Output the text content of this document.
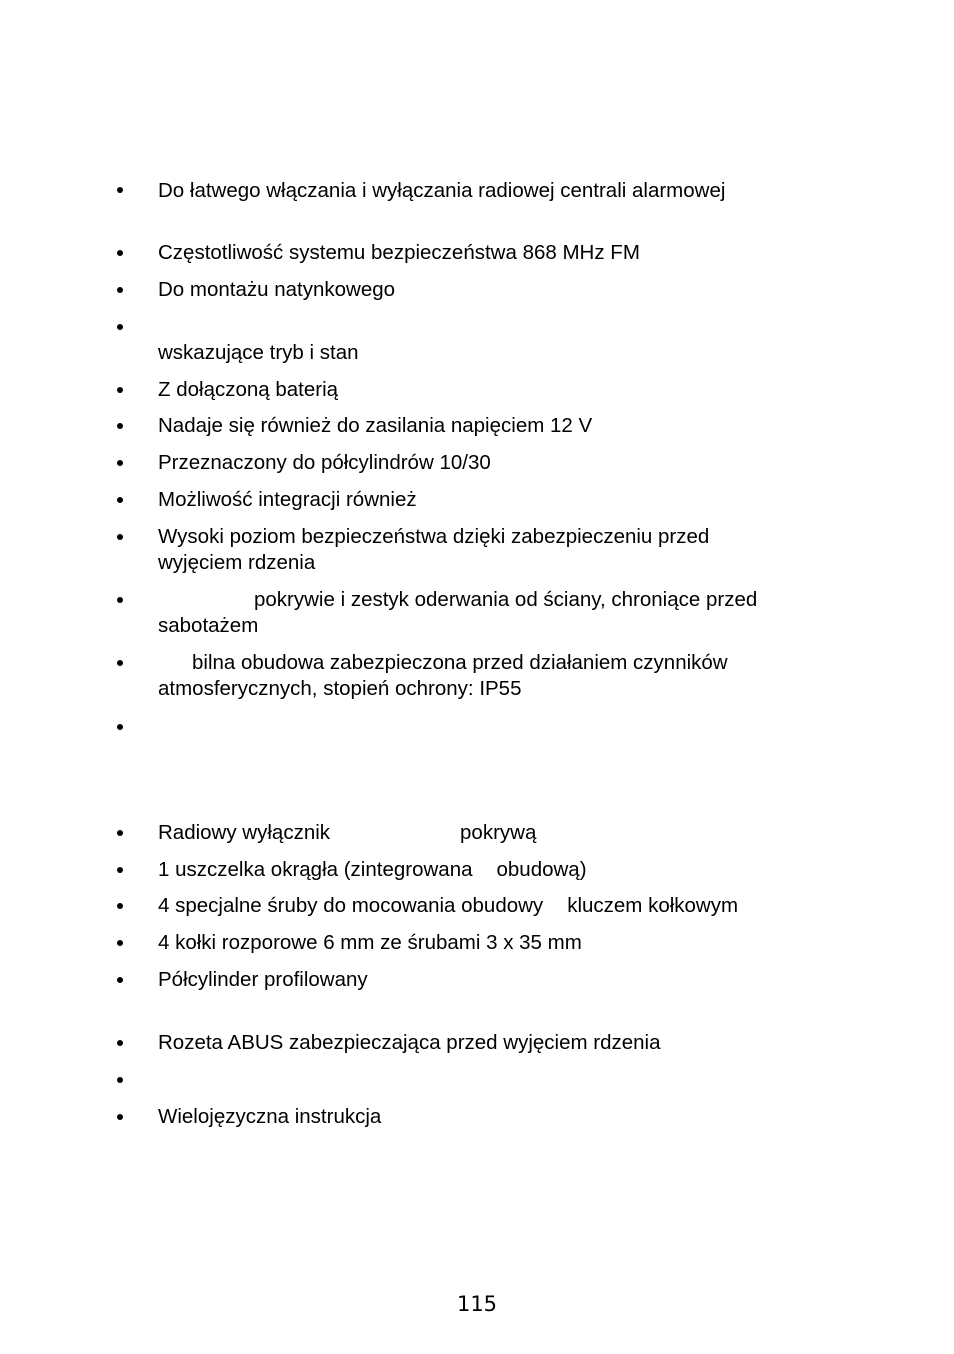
Do łatwego włączania i wyłączania radiowej centrali alarmowej
Częstotliwość systemu bezpieczeństwa 868 MHz FM
Do montażu natynkowego
wskazujące tryb i stan
Z dołączoną baterią
Nadaje się również do zasilania napięciem 12 V
Przeznaczony do półcylindrów 10/30
Możliwość integracji również
Wysoki poziom bezpieczeństwa dzięki zabezpieczeniu przed
wyjęciem rdzenia
pokrywie i zestyk oderwania od ściany, chroniące przed
sabotażem
bilna obudowa zabezpieczona przed działaniem czynników
atmosferycznych, stopień ochrony: IP55
Radiowy wyłącznik	pokrywą
1 uszczelka okrągła (zintegrowana obudową)
4 specjalne śruby do mocowania obudowy kluczem kołkowym
4 kołki rozporowe 6 mm ze śrubami 3 x 35 mm
Półcylinder profilowany
Rozeta ABUS zabezpieczająca przed wyjęciem rdzenia
Wielojęzyczna instrukcja
115
